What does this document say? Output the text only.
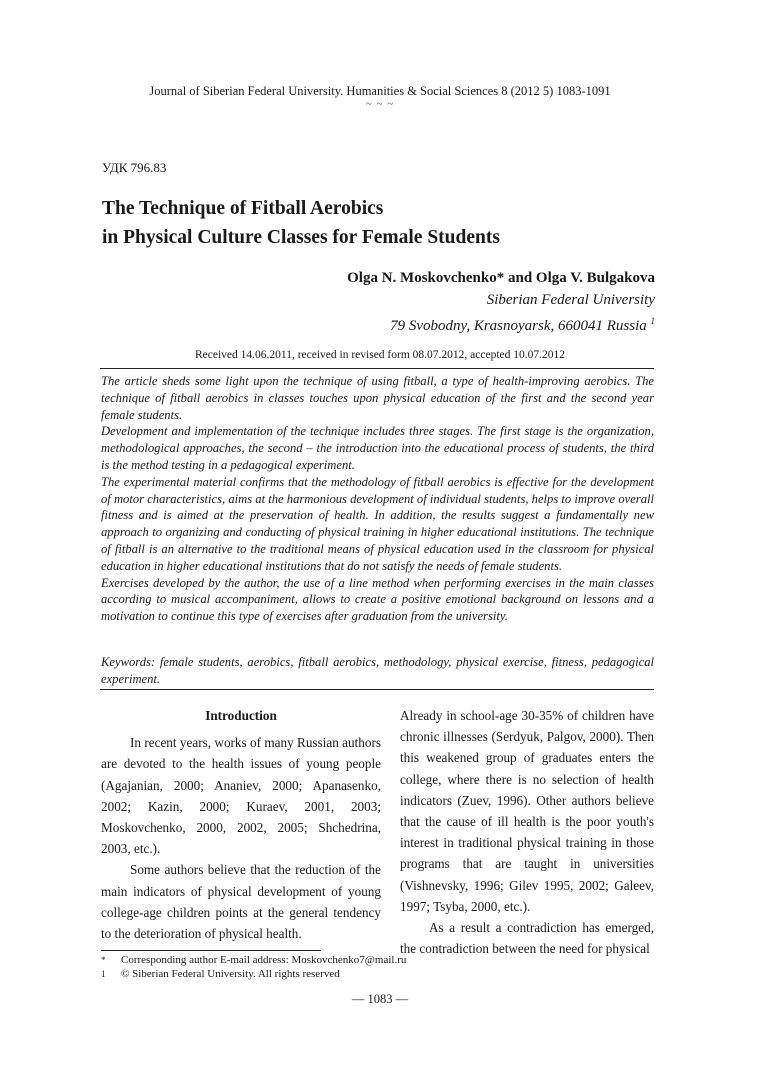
Journal of Siberian Federal University. Humanities & Social Sciences 8 (2012 5) 1083-1091
~ ~ ~
УДК 796.83
The Technique of Fitball Aerobics
in Physical Culture Classes for Female Students
Olga N. Moskovchenko* and Olga V. Bulgakova
Siberian Federal University
79 Svobodny, Krasnoyarsk, 660041 Russia $^1$
Received 14.06.2011, received in revised form 08.07.2012, accepted 10.07.2012

The article sheds some light upon the technique of using fitball, a type of health-improving aerobics. The technique of fitball aerobics in classes touches upon physical education of the first and the second year female students.

Development and implementation of the technique includes three stages. The first stage is the organization, methodological approaches, the second – the introduction into the educational process of students, the third is the method testing in a pedagogical experiment.

The experimental material confirms that the methodology of fitball aerobics is effective for the development of motor characteristics, aims at the harmonious development of individual students, helps to improve overall fitness and is aimed at the preservation of health. In addition, the results suggest a fundamentally new approach to organizing and conducting of physical training in higher educational institutions. The technique of fitball is an alternative to the traditional means of physical education used in the classroom for physical education in higher educational institutions that do not satisfy the needs of female students.

Exercises developed by the author, the use of a line method when performing exercises in the main classes according to musical accompaniment, allows to create a positive emotional background on lessons and a motivation to continue this type of exercises after graduation from the university.

Keywords: female students, aerobics, fitball aerobics, methodology, physical exercise, fitness, pedagogical experiment.
Introduction

In recent years, works of many Russian authors are devoted to the health issues of young people (Agajanian, 2000; Ananiev, 2000; Apanasenko, 2002; Kazin, 2000; Kuraev, 2001, 2003; Moskovchenko, 2000, 2002, 2005; Shchedrina, 2003, etc.).

Some authors believe that the reduction of the main indicators of physical development of young college-age children points at the general tendency to the deterioration of physical health.

Already in school-age 30-35% of children have chronic illnesses (Serdyuk, Palgov, 2000). Then this weakened group of graduates enters the college, where there is no selection of health indicators (Zuev, 1996). Other authors believe that the cause of ill health is the poor youth's interest in traditional physical training in those programs that are taught in universities (Vishnevsky, 1996; Gilev 1995, 2002; Galeev, 1997; Tsyba, 2000, etc.).

As a result a contradiction has emerged, the contradiction between the need for physical

*	Corresponding author E-mail address: Moskovchenko7@mail.ru
1	© Siberian Federal University. All rights reserved
— 1083 —
